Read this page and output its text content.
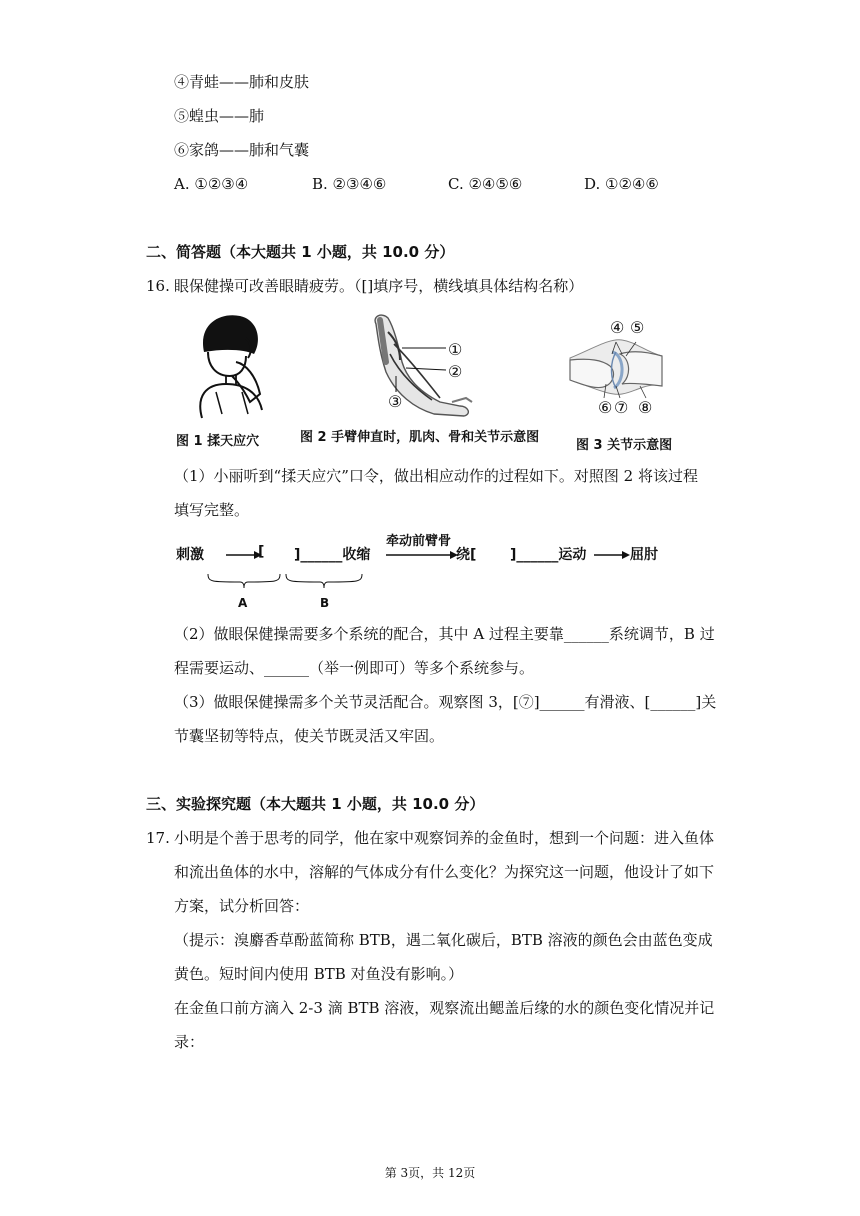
④青蛙——肺和皮肤
⑤蝗虫——肺
⑥家鸽——肺和气囊
A. ①②③④	B. ②③④⑥	C. ②④⑤⑥	D. ①②④⑥
二、简答题（本大题共 1 小题，共 10.0 分）
16. 眼保健操可改善眼睛疲劳。（[]填序号，横线填具体结构名称）
图 1 揉天应穴
①
②
③
图 2 手臂伸直时，肌肉、骨和关节示意图
④ ⑤
⑥ ⑦ ⑧
图 3 关节示意图
（1）小丽听到“揉天应穴”口令，做出相应动作的过程如下。对照图 2 将该过程
填写完整。
刺激	[ ]______收缩
牵动前臂骨
绕[ ]______运动	屈肘
A	B
（2）做眼保健操需要多个系统的配合，其中 A 过程主要靠______系统调节，B 过
程需要运动、______（举一例即可）等多个系统参与。
（3）做眼保健操需多个关节灵活配合。观察图 3，[⑦]______有滑液、[______]关
节囊坚韧等特点，使关节既灵活又牢固。
三、实验探究题（本大题共 1 小题，共 10.0 分）
17. 小明是个善于思考的同学，他在家中观察饲养的金鱼时，想到一个问题：进入鱼体
和流出鱼体的水中，溶解的气体成分有什么变化？为探究这一问题，他设计了如下
方案，试分析回答：
（提示：溴麝香草酚蓝简称 BTB，遇二氧化碳后，BTB 溶液的颜色会由蓝色变成
黄色。短时间内使用 BTB 对鱼没有影响。）
在金鱼口前方滴入 2-3 滴 BTB 溶液，观察流出鳃盖后缘的水的颜色变化情况并记
录：
第 3页，共 12页
